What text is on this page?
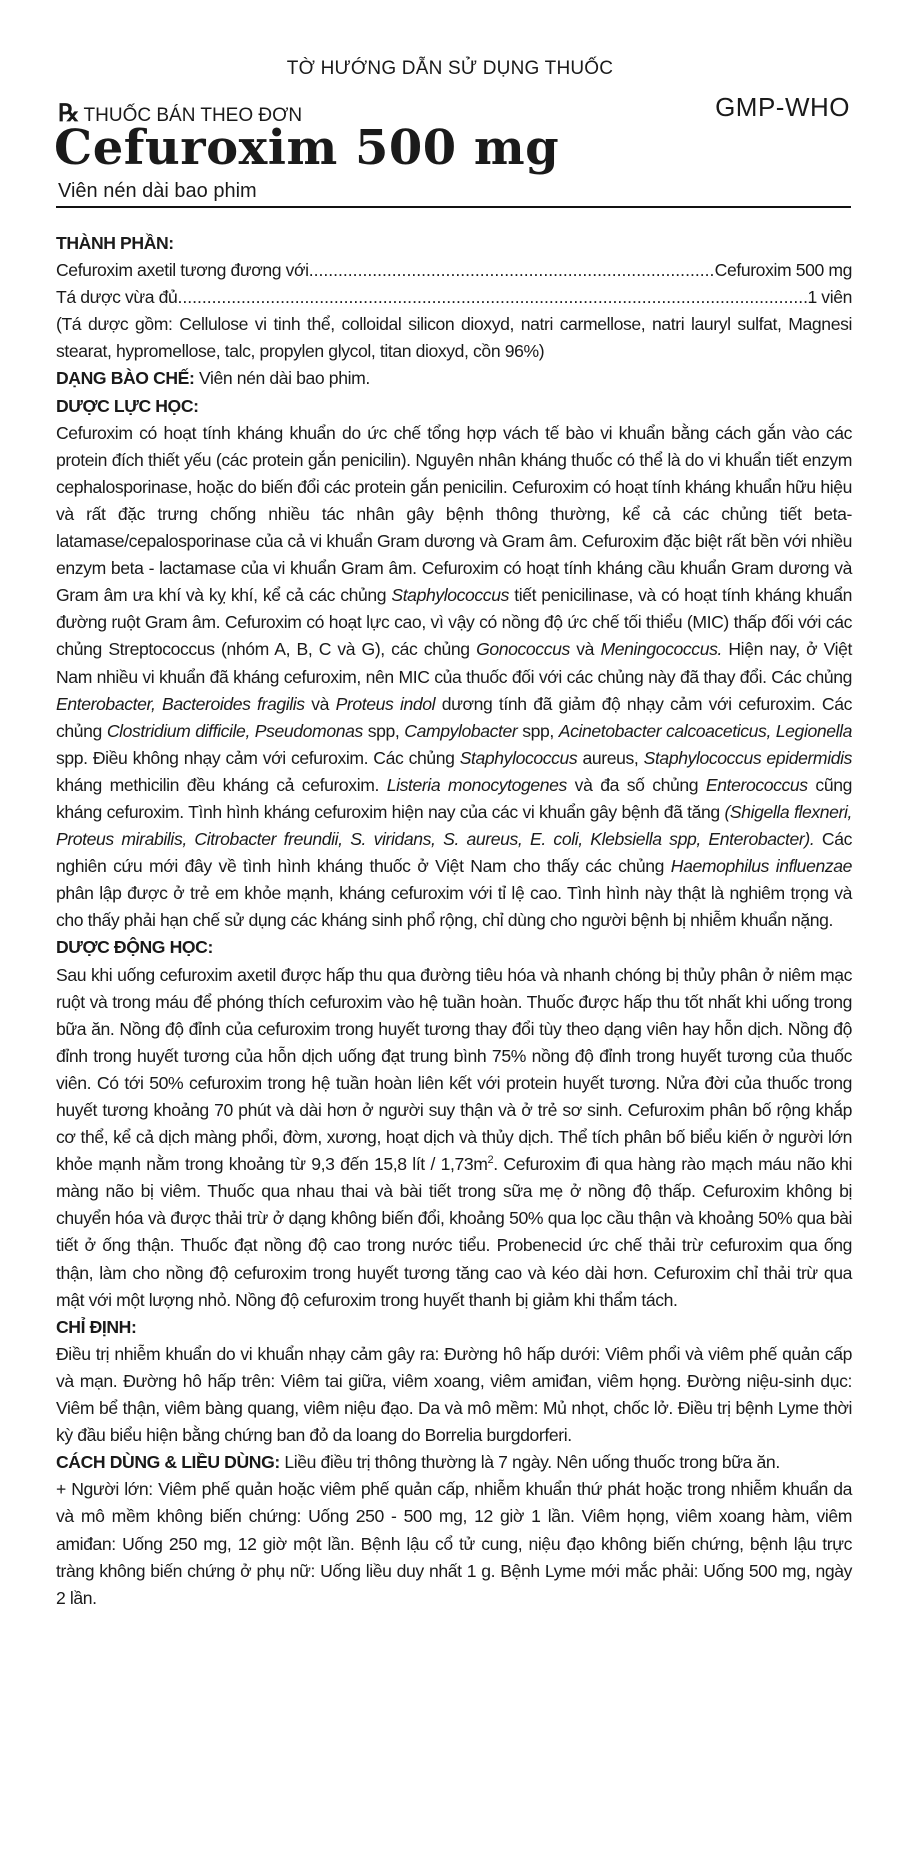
TỜ HƯỚNG DẪN SỬ DỤNG THUỐC
℞ THUỐC BÁN THEO ĐƠN	GMP-WHO
Cefuroxim 500 mg
Viên nén dài bao phim
THÀNH PHẦN:
Cefuroxim axetil tương đương với .....	Cefuroxim 500 mg
Tá dược vừa đủ .....	1 viên

(Tá dược gồm: Cellulose vi tinh thể, colloidal silicon dioxyd, natri carmellose, natri lauryl sulfat, Magnesi stearat, hypromellose, talc, propylen glycol, titan dioxyd, cồn 96%)

DẠNG BÀO CHẾ: Viên nén dài bao phim.

DƯỢC LỰC HỌC:

Cefuroxim có hoạt tính kháng khuẩn do ức chế tổng hợp vách tế bào vi khuẩn bằng cách gắn vào các protein đích thiết yếu (các protein gắn penicilin). Nguyên nhân kháng thuốc có thể là do vi khuẩn tiết enzym cephalosporinase, hoặc do biến đổi các protein gắn penicilin. Cefuroxim có hoạt tính kháng khuẩn hữu hiệu và rất đặc trưng chống nhiều tác nhân gây bệnh thông thường, kể cả các chủng tiết beta-latamase/cepalosporinase của cả vi khuẩn Gram dương và Gram âm. Cefuroxim đặc biệt rất bền với nhiều enzym beta - lactamase của vi khuẩn Gram âm. Cefuroxim có hoạt tính kháng cầu khuẩn Gram dương và Gram âm ưa khí và kỵ khí, kể cả các chủng Staphylococcus tiết penicilinase, và có hoạt tính kháng khuẩn đường ruột Gram âm. Cefuroxim có hoạt lực cao, vì vậy có nồng độ ức chế tối thiểu (MIC) thấp đối với các chủng Streptococcus (nhóm A, B, C và G), các chủng Gonococcus và Meningococcus. Hiện nay, ở Việt Nam nhiều vi khuẩn đã kháng cefuroxim, nên MIC của thuốc đối với các chủng này đã thay đổi. Các chủng Enterobacter, Bacteroides fragilis và Proteus indol dương tính đã giảm độ nhạy cảm với cefuroxim. Các chủng Clostridium difficile, Pseudomonas spp, Campylobacter spp, Acinetobacter calcoaceticus, Legionella spp. Điều không nhạy cảm với cefuroxim. Các chủng Staphylococcus aureus, Staphylococcus epidermidis kháng methicilin đều kháng cả cefuroxim. Listeria monocytogenes và đa số chủng Enterococcus cũng kháng cefuroxim. Tình hình kháng cefuroxim hiện nay của các vi khuẩn gây bệnh đã tăng (Shigella flexneri, Proteus mirabilis, Citrobacter freundii, S. viridans, S. aureus, E. coli, Klebsiella spp, Enterobacter). Các nghiên cứu mới đây về tình hình kháng thuốc ở Việt Nam cho thấy các chủng Haemophilus influenzae phân lập được ở trẻ em khỏe mạnh, kháng cefuroxim với tỉ lệ cao. Tình hình này thật là nghiêm trọng và cho thấy phải hạn chế sử dụng các kháng sinh phổ rộng, chỉ dùng cho người bệnh bị nhiễm khuẩn nặng.

DƯỢC ĐỘNG HỌC:

Sau khi uống cefuroxim axetil được hấp thu qua đường tiêu hóa và nhanh chóng bị thủy phân ở niêm mạc ruột và trong máu để phóng thích cefuroxim vào hệ tuần hoàn. Thuốc được hấp thu tốt nhất khi uống trong bữa ăn. Nồng độ đỉnh của cefuroxim trong huyết tương thay đổi tùy theo dạng viên hay hỗn dịch. Nồng độ đỉnh trong huyết tương của hỗn dịch uống đạt trung bình 75% nồng độ đỉnh trong huyết tương của thuốc viên. Có tới 50% cefuroxim trong hệ tuần hoàn liên kết với protein huyết tương. Nửa đời của thuốc trong huyết tương khoảng 70 phút và dài hơn ở người suy thận và ở trẻ sơ sinh. Cefuroxim phân bố rộng khắp cơ thể, kể cả dịch màng phổi, đờm, xương, hoạt dịch và thủy dịch. Thể tích phân bố biểu kiến ở người lớn khỏe mạnh nằm trong khoảng từ 9,3 đến 15,8 lít / $1,73m^2$. Cefuroxim đi qua hàng rào mạch máu não khi màng não bị viêm. Thuốc qua nhau thai và bài tiết trong sữa mẹ ở nồng độ thấp. Cefuroxim không bị chuyển hóa và được thải trừ ở dạng không biến đổi, khoảng 50% qua lọc cầu thận và khoảng 50% qua bài tiết ở ống thận. Thuốc đạt nồng độ cao trong nước tiểu. Probenecid ức chế thải trừ cefuroxim qua ống thận, làm cho nồng độ cefuroxim trong huyết tương tăng cao và kéo dài hơn. Cefuroxim chỉ thải trừ qua mật với một lượng nhỏ. Nồng độ cefuroxim trong huyết thanh bị giảm khi thẩm tách.

CHỈ ĐỊNH:

Điều trị nhiễm khuẩn do vi khuẩn nhạy cảm gây ra: Đường hô hấp dưới: Viêm phổi và viêm phế quản cấp và mạn. Đường hô hấp trên: Viêm tai giữa, viêm xoang, viêm amiđan, viêm họng. Đường niệu-sinh dục: Viêm bể thận, viêm bàng quang, viêm niệu đạo. Da và mô mềm: Mủ nhọt, chốc lở. Điều trị bệnh Lyme thời kỳ đầu biểu hiện bằng chứng ban đỏ da loang do Borrelia burgdorferi.

CÁCH DÙNG & LIỀU DÙNG: Liều điều trị thông thường là 7 ngày. Nên uống thuốc trong bữa ăn.

+ Người lớn: Viêm phế quản hoặc viêm phế quản cấp, nhiễm khuẩn thứ phát hoặc trong nhiễm khuẩn da và mô mềm không biến chứng: Uống 250 - 500 mg, 12 giờ 1 lần. Viêm họng, viêm xoang hàm, viêm amiđan: Uống 250 mg, 12 giờ một lần. Bệnh lậu cổ tử cung, niệu đạo không biến chứng, bệnh lậu trực tràng không biến chứng ở phụ nữ: Uống liều duy nhất 1 g. Bệnh Lyme mới mắc phải: Uống 500 mg, ngày 2 lần.
